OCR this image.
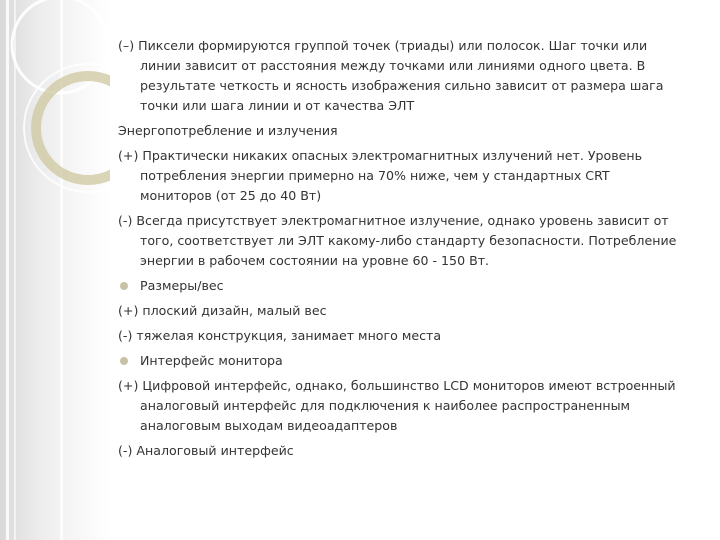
(–) Пиксели формируются группой точек (триады) или полосок. Шаг точки или линии зависит от расстояния между точками или линиями одного цвета. В результате четкость и ясность изображения сильно зависит от размера шага точки или шага линии и от качества ЭЛТ
Энергопотребление и излучения
(+) Практически никаких опасных электромагнитных излучений нет. Уровень потребления энергии примерно на 70% ниже, чем у стандартных CRT мониторов (от 25 до 40 Вт)
(-) Всегда присутствует электромагнитное излучение, однако уровень зависит от того, соответствует ли ЭЛТ какому-либо стандарту безопасности. Потребление энергии в рабочем состоянии на уровне 60 - 150 Вт.
Размеры/вес
(+) плоский дизайн, малый вес
(-) тяжелая конструкция, занимает много места
Интерфейс монитора
(+) Цифровой интерфейс, однако, большинство LCD мониторов имеют встроенный аналоговый интерфейс для подключения к наиболее распространенным аналоговым выходам видеоадаптеров
(-) Аналоговый интерфейс
